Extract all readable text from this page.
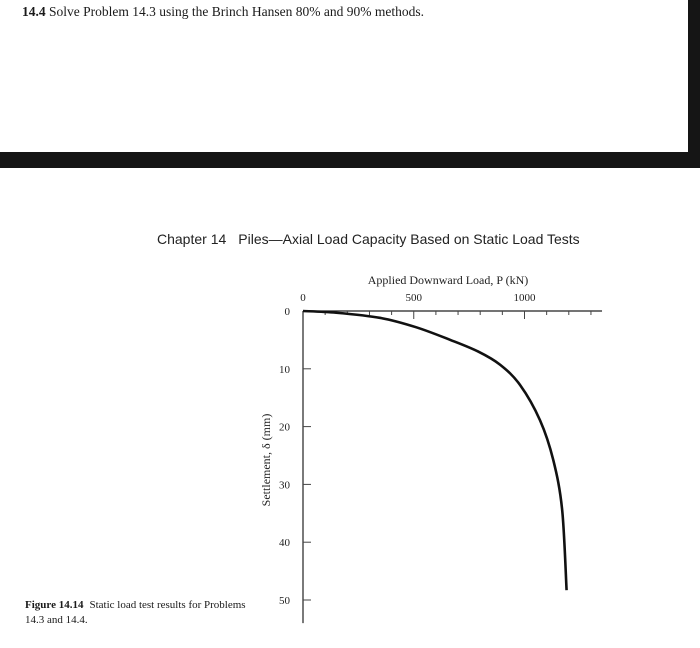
14.4 Solve Problem 14.3 using the Brinch Hansen 80% and 90% methods.
Chapter 14 Piles—Axial Load Capacity Based on Static Load Tests
Figure 14.14 Static load test results for Problems 14.3 and 14.4.
Applied Downward Load, P (kN)
Settlement, δ (mm)
0	500	1000
0
10
20
30
40
50
